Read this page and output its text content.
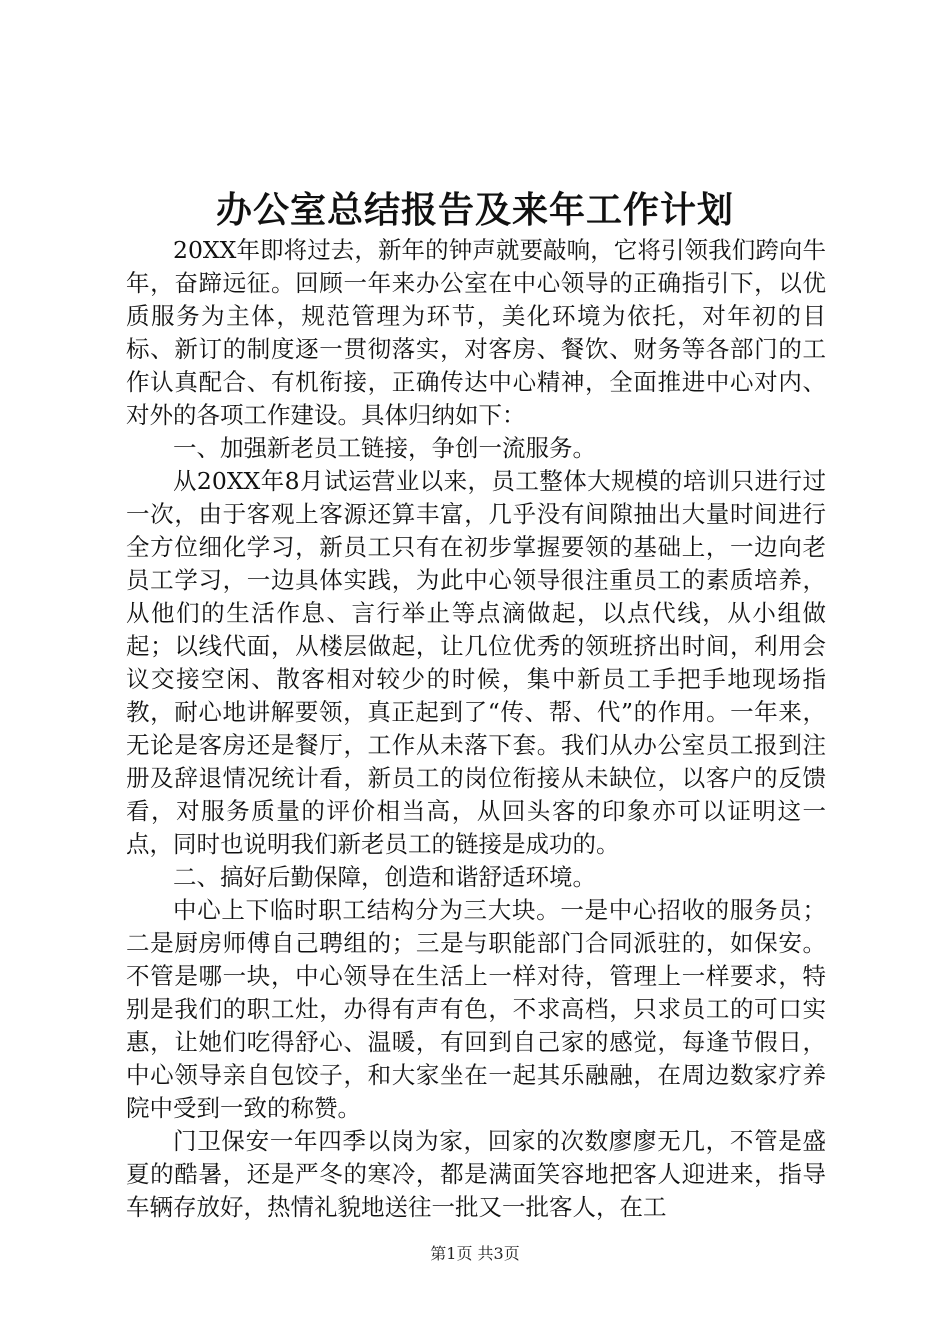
办公室总结报告及来年工作计划

20XX年即将过去，新年的钟声就要敲响，它将引领我们跨向牛年，奋蹄远征。回顾一年来办公室在中心领导的正确指引下，以优质服务为主体，规范管理为环节，美化环境为依托，对年初的目标、新订的制度逐一贯彻落实，对客房、餐饮、财务等各部门的工作认真配合、有机衔接，正确传达中心精神，全面推进中心对内、对外的各项工作建设。具体归纳如下：

一、加强新老员工链接，争创一流服务。

从20XX年8月试运营业以来，员工整体大规模的培训只进行过一次，由于客观上客源还算丰富，几乎没有间隙抽出大量时间进行全方位细化学习，新员工只有在初步掌握要领的基础上，一边向老员工学习，一边具体实践，为此中心领导很注重员工的素质培养，从他们的生活作息、言行举止等点滴做起，以点代线，从小组做起；以线代面，从楼层做起，让几位优秀的领班挤出时间，利用会议交接空闲、散客相对较少的时候，集中新员工手把手地现场指教，耐心地讲解要领，真正起到了“传、帮、代”的作用。一年来，无论是客房还是餐厅，工作从未落下套。我们从办公室员工报到注册及辞退情况统计看，新员工的岗位衔接从未缺位，以客户的反馈看，对服务质量的评价相当高，从回头客的印象亦可以证明这一点，同时也说明我们新老员工的链接是成功的。

二、搞好后勤保障，创造和谐舒适环境。

中心上下临时职工结构分为三大块。一是中心招收的服务员；二是厨房师傅自己聘组的；三是与职能部门合同派驻的，如保安。不管是哪一块，中心领导在生活上一样对待，管理上一样要求，特别是我们的职工灶，办得有声有色，不求高档，只求员工的可口实惠，让她们吃得舒心、温暖，有回到自己家的感觉，每逢节假日，中心领导亲自包饺子，和大家坐在一起其乐融融，在周边数家疗养院中受到一致的称赞。

门卫保安一年四季以岗为家，回家的次数廖廖无几，不管是盛夏的酷暑，还是严冬的寒冷，都是满面笑容地把客人迎进来，指导车辆存放好，热情礼貌地送往一批又一批客人，在工

第1页 共3页
